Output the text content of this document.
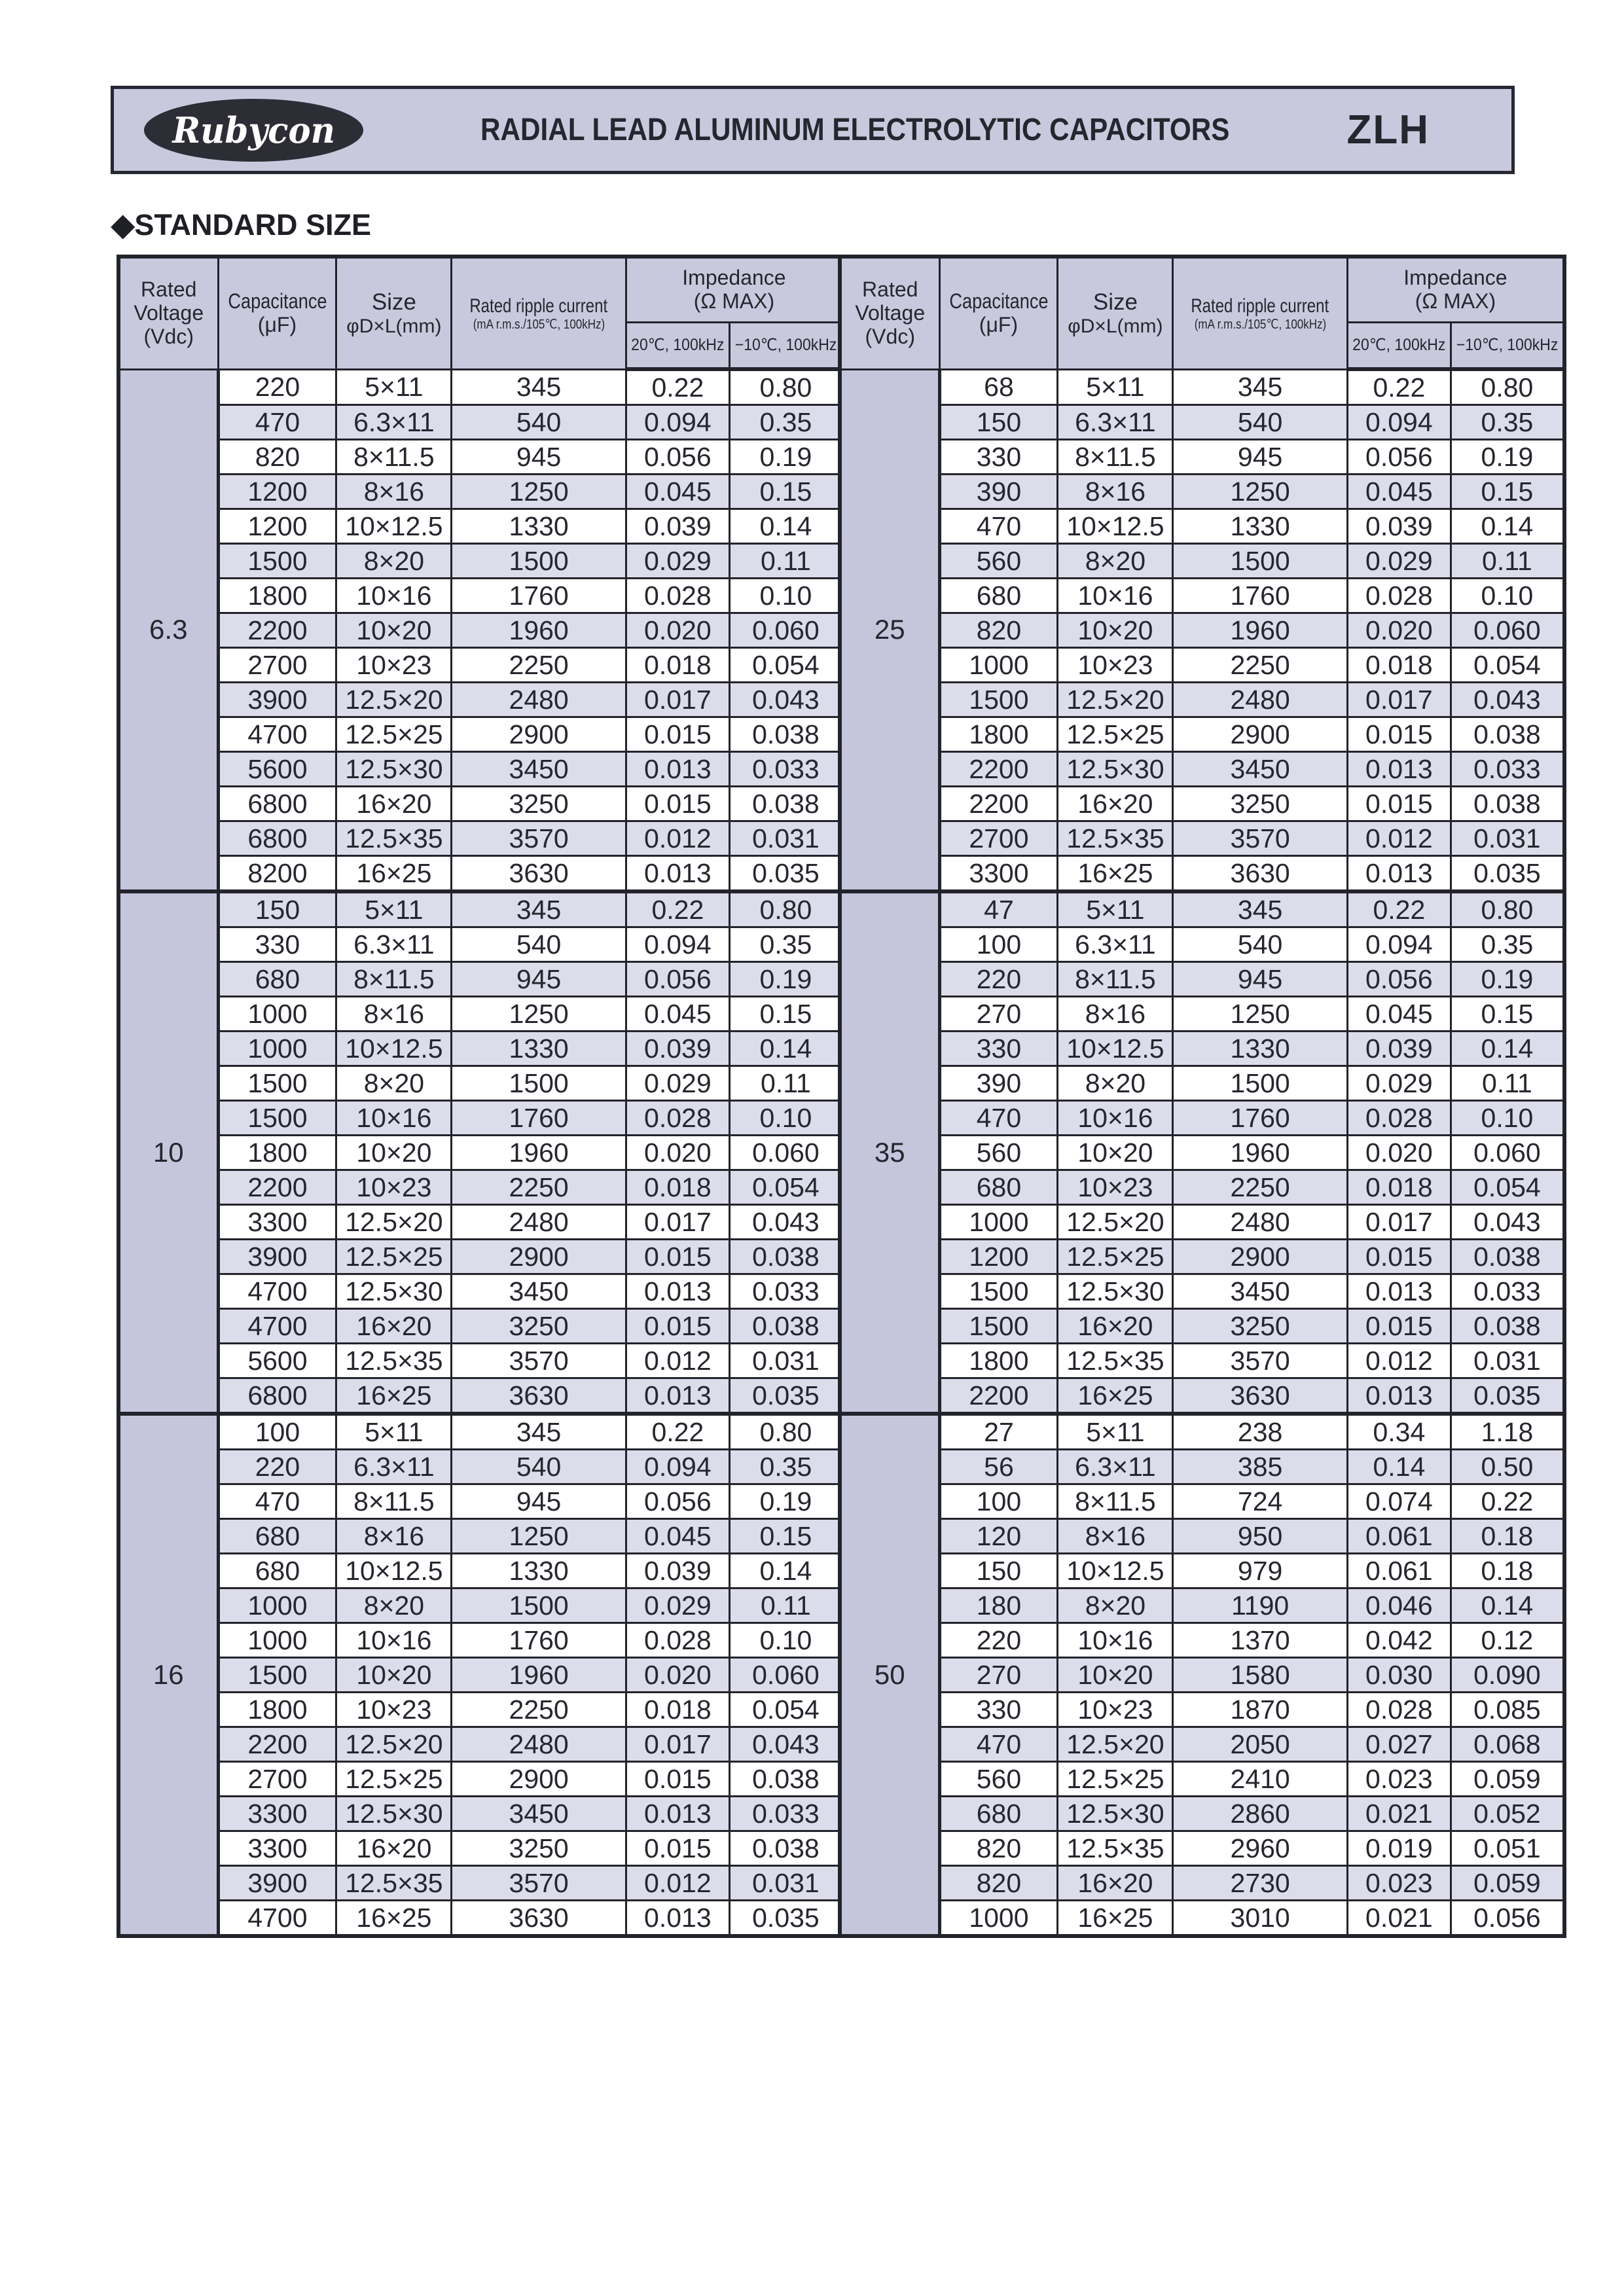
Rubycon	RADIAL LEAD ALUMINUM ELECTROLYTIC CAPACITORS	ZLH
◆STANDARD SIZE
Rated
Voltage
(Vdc)	Capacitance
(μF)	Size
φD×L(mm)	Rated ripple current
(mA r.m.s./105℃, 100kHz)	Impedance
(Ω MAX)	

				20℃, 100kHz	−10℃, 100kHz
6.3	220	5×11	345	0.22	0.80
	470	6.3×11	540	0.094	0.35
	820	8×11.5	945	0.056	0.19
	1200	8×16	1250	0.045	0.15
	1200	10×12.5	1330	0.039	0.14
	1500	8×20	1500	0.029	0.11
	1800	10×16	1760	0.028	0.10
	2200	10×20	1960	0.020	0.060
	2700	10×23	2250	0.018	0.054
	3900	12.5×20	2480	0.017	0.043
	4700	12.5×25	2900	0.015	0.038
	5600	12.5×30	3450	0.013	0.033
	6800	16×20	3250	0.015	0.038
	6800	12.5×35	3570	0.012	0.031
	8200	16×25	3630	0.013	0.035
10	150	5×11	345	0.22	0.80
	330	6.3×11	540	0.094	0.35
	680	8×11.5	945	0.056	0.19
	1000	8×16	1250	0.045	0.15
	1000	10×12.5	1330	0.039	0.14
	1500	8×20	1500	0.029	0.11
	1500	10×16	1760	0.028	0.10
	1800	10×20	1960	0.020	0.060
	2200	10×23	2250	0.018	0.054
	3300	12.5×20	2480	0.017	0.043
	3900	12.5×25	2900	0.015	0.038
	4700	12.5×30	3450	0.013	0.033
	4700	16×20	3250	0.015	0.038
	5600	12.5×35	3570	0.012	0.031
	6800	16×25	3630	0.013	0.035
16	100	5×11	345	0.22	0.80
	220	6.3×11	540	0.094	0.35
	470	8×11.5	945	0.056	0.19
	680	8×16	1250	0.045	0.15
	680	10×12.5	1330	0.039	0.14
	1000	8×20	1500	0.029	0.11
	1000	10×16	1760	0.028	0.10
	1500	10×20	1960	0.020	0.060
	1800	10×23	2250	0.018	0.054
	2200	12.5×20	2480	0.017	0.043
	2700	12.5×25	2900	0.015	0.038
	3300	12.5×30	3450	0.013	0.033
	3300	16×20	3250	0.015	0.038
	3900	12.5×35	3570	0.012	0.031
	4700	16×25	3630	0.013	0.035
Rated
Voltage
(Vdc)	Capacitance
(μF)	Size
φD×L(mm)	Rated ripple current
(mA r.m.s./105℃, 100kHz)	Impedance
(Ω MAX)	

				20℃, 100kHz	−10℃, 100kHz
25	68	5×11	345	0.22	0.80
	150	6.3×11	540	0.094	0.35
	330	8×11.5	945	0.056	0.19
	390	8×16	1250	0.045	0.15
	470	10×12.5	1330	0.039	0.14
	560	8×20	1500	0.029	0.11
	680	10×16	1760	0.028	0.10
	820	10×20	1960	0.020	0.060
	1000	10×23	2250	0.018	0.054
	1500	12.5×20	2480	0.017	0.043
	1800	12.5×25	2900	0.015	0.038
	2200	12.5×30	3450	0.013	0.033
	2200	16×20	3250	0.015	0.038
	2700	12.5×35	3570	0.012	0.031
	3300	16×25	3630	0.013	0.035
35	47	5×11	345	0.22	0.80
	100	6.3×11	540	0.094	0.35
	220	8×11.5	945	0.056	0.19
	270	8×16	1250	0.045	0.15
	330	10×12.5	1330	0.039	0.14
	390	8×20	1500	0.029	0.11
	470	10×16	1760	0.028	0.10
	560	10×20	1960	0.020	0.060
	680	10×23	2250	0.018	0.054
	1000	12.5×20	2480	0.017	0.043
	1200	12.5×25	2900	0.015	0.038
	1500	12.5×30	3450	0.013	0.033
	1500	16×20	3250	0.015	0.038
	1800	12.5×35	3570	0.012	0.031
	2200	16×25	3630	0.013	0.035
50	27	5×11	238	0.34	1.18
	56	6.3×11	385	0.14	0.50
	100	8×11.5	724	0.074	0.22
	120	8×16	950	0.061	0.18
	150	10×12.5	979	0.061	0.18
	180	8×20	1190	0.046	0.14
	220	10×16	1370	0.042	0.12
	270	10×20	1580	0.030	0.090
	330	10×23	1870	0.028	0.085
	470	12.5×20	2050	0.027	0.068
	560	12.5×25	2410	0.023	0.059
	680	12.5×30	2860	0.021	0.052
	820	12.5×35	2960	0.019	0.051
	820	16×20	2730	0.023	0.059
	1000	16×25	3010	0.021	0.056
